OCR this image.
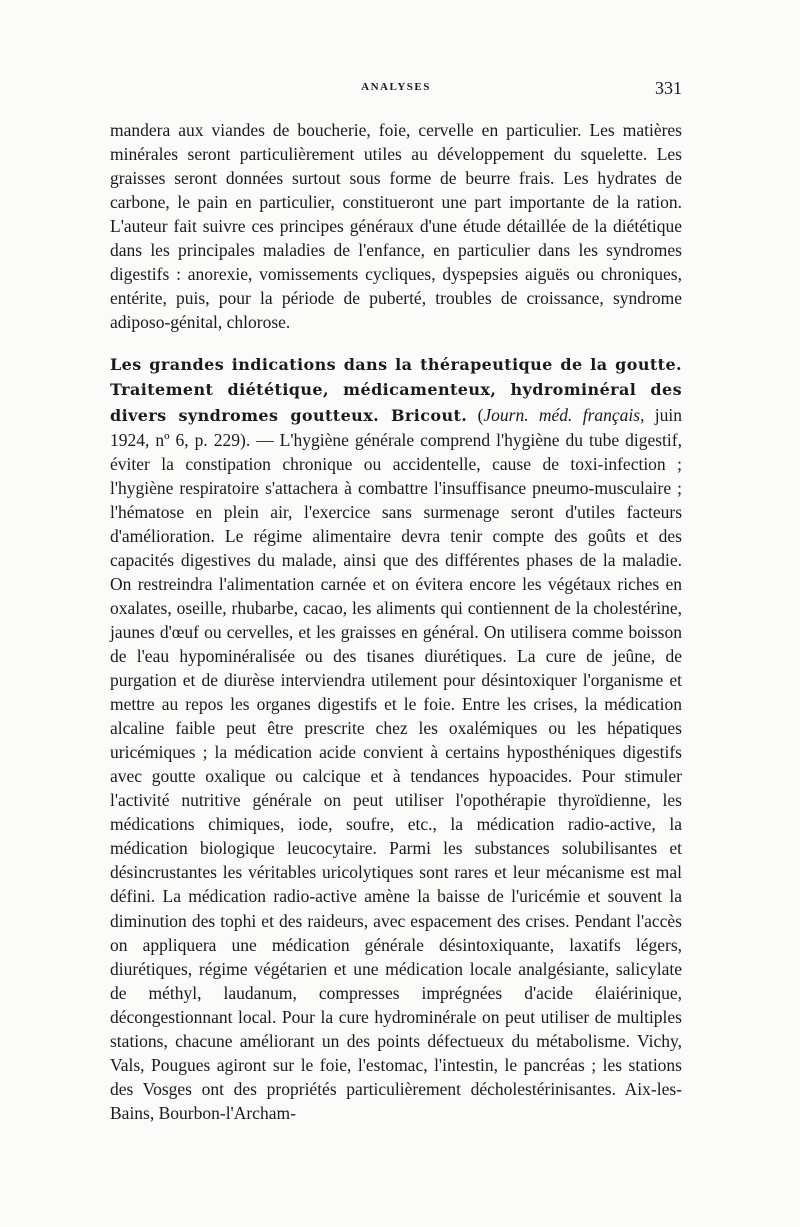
ANALYSES	331

mandera aux viandes de boucherie, foie, cervelle en particulier. Les matières minérales seront particulièrement utiles au développement du squelette. Les graisses seront données surtout sous forme de beurre frais. Les hydrates de carbone, le pain en particulier, constitueront une part importante de la ration. L'auteur fait suivre ces principes généraux d'une étude détaillée de la diététique dans les principales maladies de l'enfance, en particulier dans les syndromes digestifs : anorexie, vomissements cycliques, dyspepsies aiguës ou chroniques, entérite, puis, pour la période de puberté, troubles de croissance, syndrome adiposo-génital, chlorose.

Les grandes indications dans la thérapeutique de la goutte. Traitement diététique, médicamenteux, hydrominéral des divers syndromes goutteux. Bricout. (Journ. méd. français, juin 1924, nº 6, p. 229). — L'hygiène générale comprend l'hygiène du tube digestif, éviter la constipation chronique ou accidentelle, cause de toxi-infection ; l'hygiène respiratoire s'attachera à combattre l'insuffisance pneumo-musculaire ; l'hématose en plein air, l'exercice sans surmenage seront d'utiles facteurs d'amélioration. Le régime alimentaire devra tenir compte des goûts et des capacités digestives du malade, ainsi que des différentes phases de la maladie. On restreindra l'alimentation carnée et on évitera encore les végétaux riches en oxalates, oseille, rhubarbe, cacao, les aliments qui contiennent de la cholestérine, jaunes d'œuf ou cervelles, et les graisses en général. On utilisera comme boisson de l'eau hypominéralisée ou des tisanes diurétiques. La cure de jeûne, de purgation et de diurèse interviendra utilement pour désintoxiquer l'organisme et mettre au repos les organes digestifs et le foie. Entre les crises, la médication alcaline faible peut être prescrite chez les oxalémiques ou les hépatiques uricémiques ; la médication acide convient à certains hyposthéniques digestifs avec goutte oxalique ou calcique et à tendances hypoacides. Pour stimuler l'activité nutritive générale on peut utiliser l'opothérapie thyroïdienne, les médications chimiques, iode, soufre, etc., la médication radio-active, la médication biologique leucocytaire. Parmi les substances solubilisantes et désincrustantes les véritables uricolytiques sont rares et leur mécanisme est mal défini. La médication radio-active amène la baisse de l'uricémie et souvent la diminution des tophi et des raideurs, avec espacement des crises. Pendant l'accès on appliquera une médication générale désintoxiquante, laxatifs légers, diurétiques, régime végétarien et une médication locale analgésiante, salicylate de méthyl, laudanum, compresses imprégnées d'acide élaiérinique, décongestionnant local. Pour la cure hydrominérale on peut utiliser de multiples stations, chacune améliorant un des points défectueux du métabolisme. Vichy, Vals, Pougues agiront sur le foie, l'estomac, l'intestin, le pancréas ; les stations des Vosges ont des propriétés particulièrement décholestérinisantes. Aix-les-Bains, Bourbon-l'Archam-
